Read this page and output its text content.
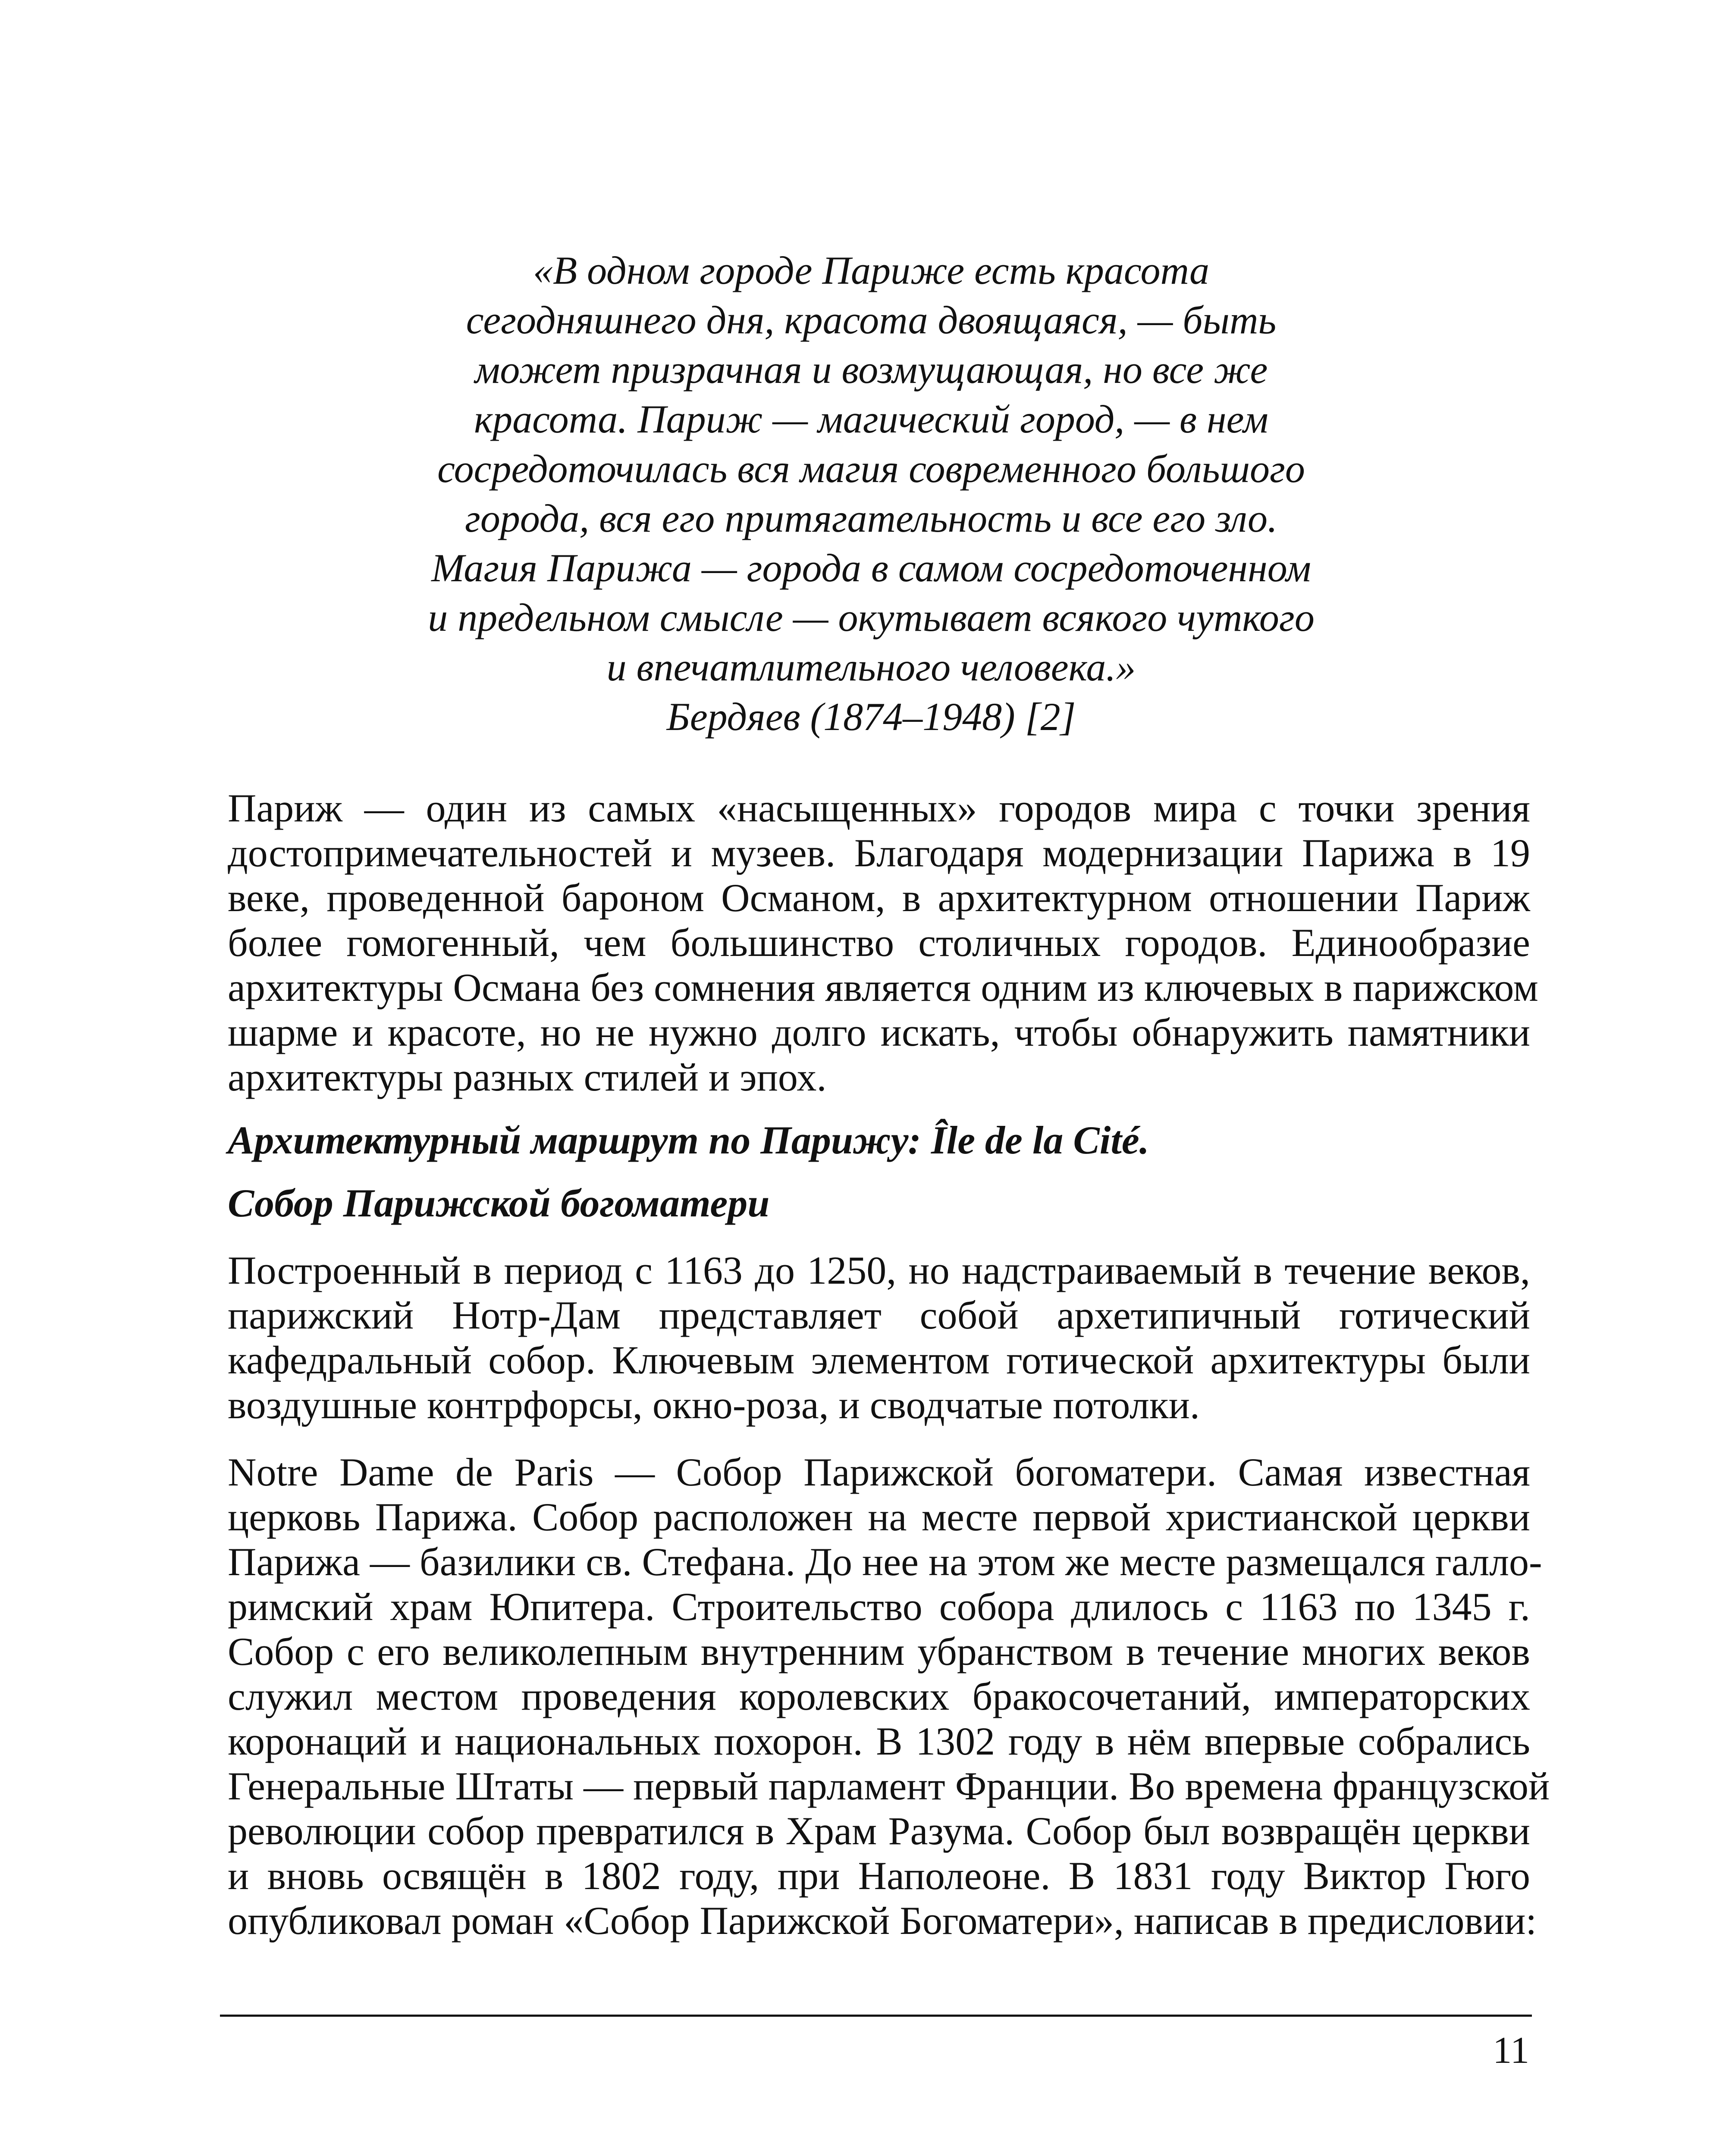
«В одном городе Париже есть красота
сегодняшнего дня, красота двоящаяся, — быть
может призрачная и возмущающая, но все же
красота. Париж — магический город, — в нем
сосредоточилась вся магия современного большого
города, вся его притягательность и все его зло.
Магия Парижа — города в самом сосредоточенном
и предельном смысле — окутывает всякого чуткого
и впечатлительного человека.»
Бердяев (1874–1948) [2]
Париж — один из самых «насыщенных» городов мира с точки зрения
достопримечательностей и музеев. Благодаря модернизации Парижа в 19
веке, проведенной бароном Османом, в архитектурном отношении Париж
более гомогенный, чем большинство столичных городов. Единообразие
архитектуры Османа без сомнения является одним из ключевых в парижском
шарме и красоте, но не нужно долго искать, чтобы обнаружить памятники
архитектуры разных стилей и эпох.
Архитектурный маршрут по Парижу: Île de la Cité.
Собор Парижской богоматери
Построенный в период с 1163 до 1250, но надстраиваемый в течение веков,
парижский Нотр-Дам представляет собой архетипичный готический
кафедральный собор. Ключевым элементом готической архитектуры были
воздушные контрфорсы, окно-роза, и сводчатые потолки.
Notre Dame de Paris — Собор Парижской богоматери. Самая известная
церковь Парижа. Собор расположен на месте первой христианской церкви
Парижа — базилики св. Стефана. До нее на этом же месте размещался галло-
римский храм Юпитера. Строительство собора длилось с 1163 по 1345 г.
Собор с его великолепным внутренним убранством в течение многих веков
служил местом проведения королевских бракосочетаний, императорских
коронаций и национальных похорон. В 1302 году в нём впервые собрались
Генеральные Штаты — первый парламент Франции. Во времена французской
революции собор превратился в Храм Разума. Собор был возвращён церкви
и вновь освящён в 1802 году, при Наполеоне. В 1831 году Виктор Гюго
опубликовал роман «Собор Парижской Богоматери», написав в предисловии:
11
